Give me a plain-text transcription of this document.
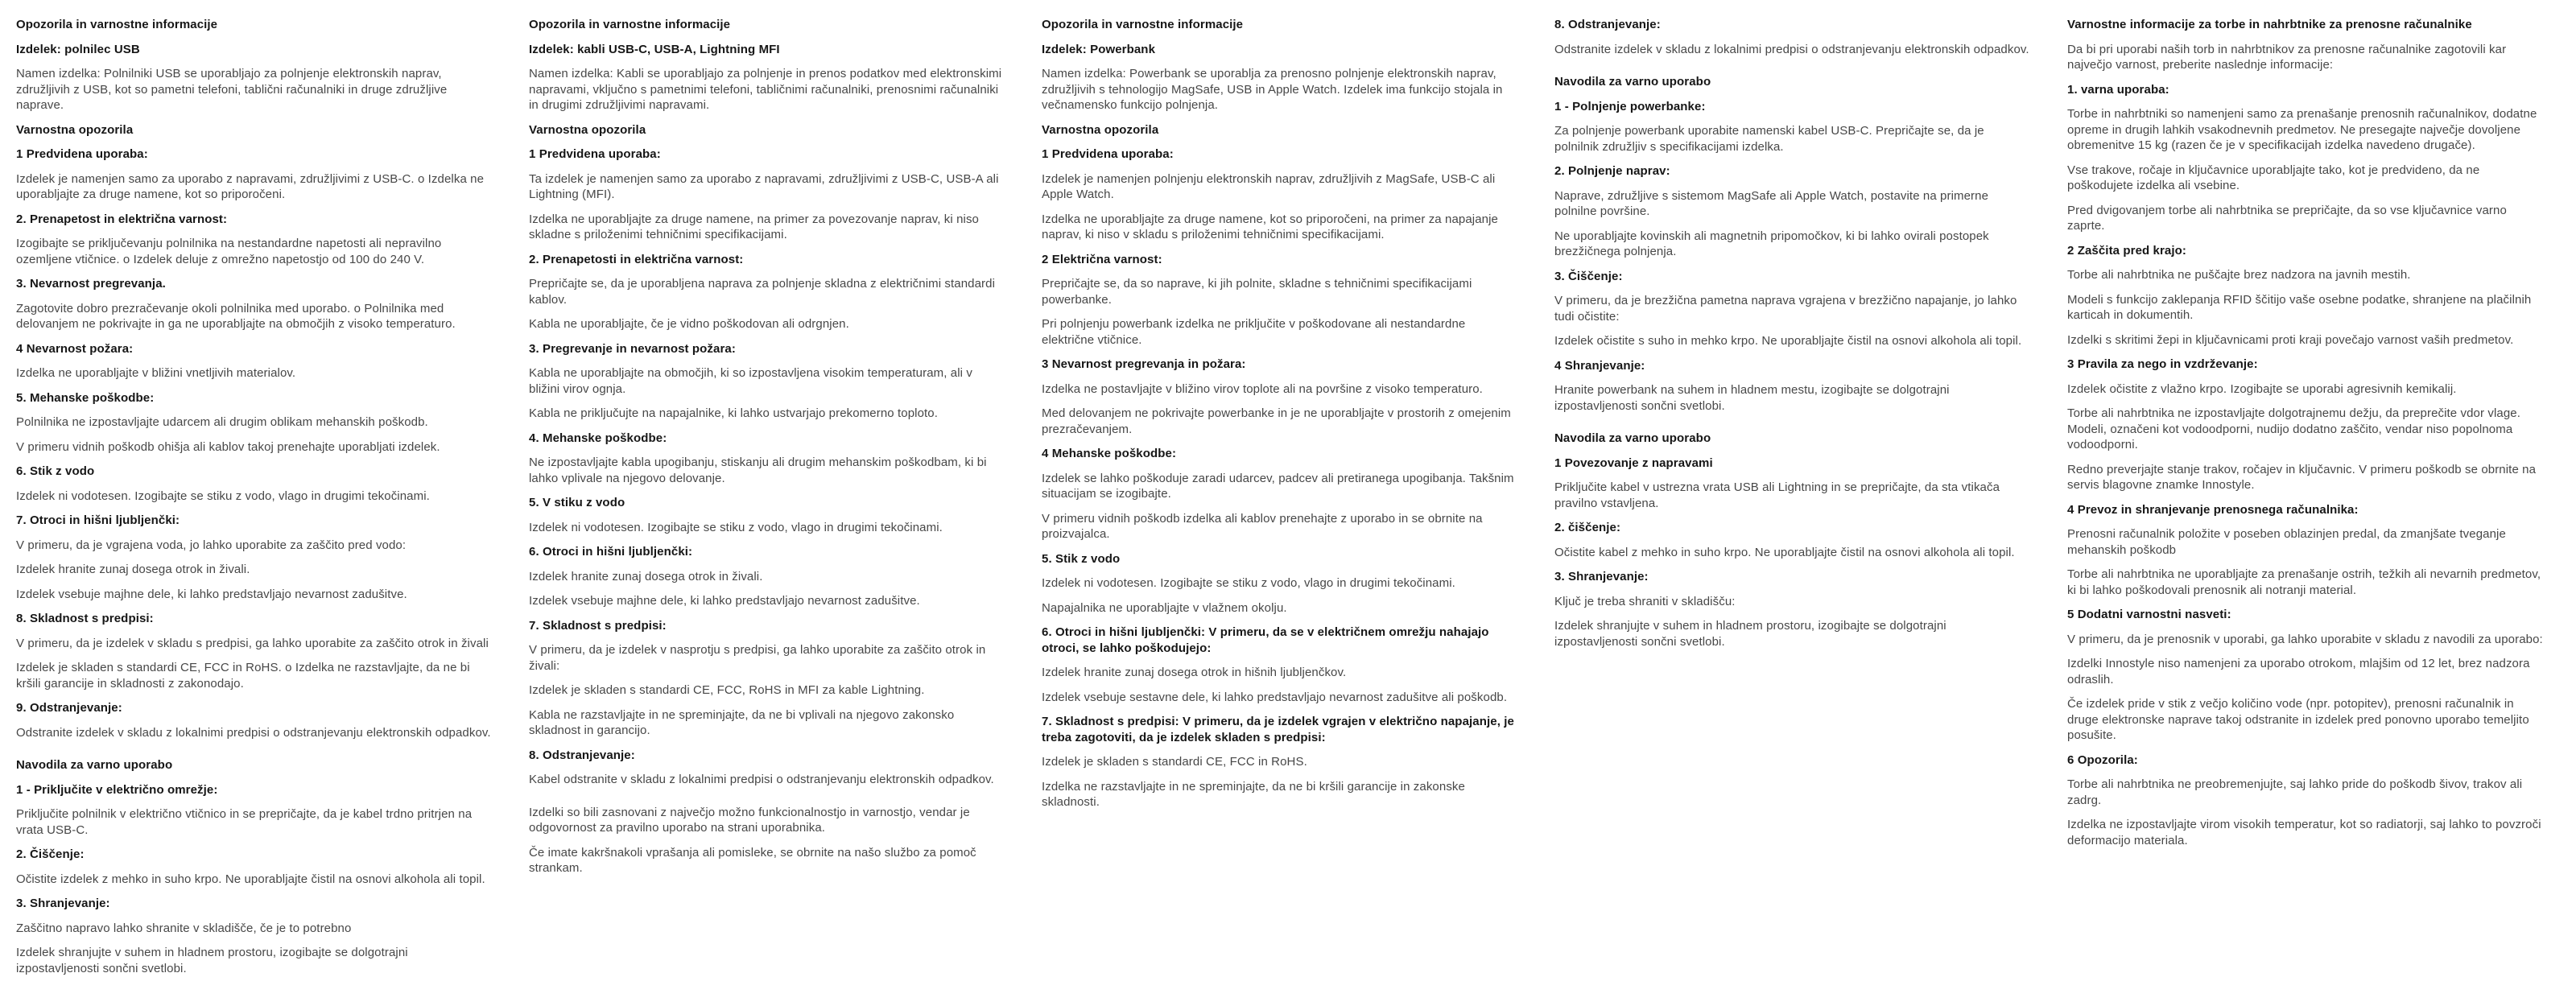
Opozorila in varnostne informacije
Izdelek: polnilec USB

Namen izdelka: Polnilniki USB se uporabljajo za polnjenje elektronskih naprav, združljivih z USB, kot so pametni telefoni, tablični računalniki in druge združljive naprave.

Varnostna opozorila
1 Predvidena uporaba:

Izdelek je namenjen samo za uporabo z napravami, združljivimi z USB-C. o Izdelka ne uporabljajte za druge namene, kot so priporočeni.

2. Prenapetost in električna varnost:

Izogibajte se priključevanju polnilnika na nestandardne napetosti ali nepravilno ozemljene vtičnice. o Izdelek deluje z omrežno napetostjo od 100 do 240 V.

3. Nevarnost pregrevanja.

Zagotovite dobro prezračevanje okoli polnilnika med uporabo. o Polnilnika med delovanjem ne pokrivajte in ga ne uporabljajte na območjih z visoko temperaturo.

4 Nevarnost požara:

Izdelka ne uporabljajte v bližini vnetljivih materialov.

5. Mehanske poškodbe:

Polnilnika ne izpostavljajte udarcem ali drugim oblikam mehanskih poškodb.

V primeru vidnih poškodb ohišja ali kablov takoj prenehajte uporabljati izdelek.

6. Stik z vodo

Izdelek ni vodotesen. Izogibajte se stiku z vodo, vlago in drugimi tekočinami.

7. Otroci in hišni ljubljenčki:

V primeru, da je vgrajena voda, jo lahko uporabite za zaščito pred vodo:

Izdelek hranite zunaj dosega otrok in živali.

Izdelek vsebuje majhne dele, ki lahko predstavljajo nevarnost zadušitve.

8. Skladnost s predpisi:

V primeru, da je izdelek v skladu s predpisi, ga lahko uporabite za zaščito otrok in živali

Izdelek je skladen s standardi CE, FCC in RoHS. o Izdelka ne razstavljajte, da ne bi kršili garancije in skladnosti z zakonodajo.

9. Odstranjevanje:

Odstranite izdelek v skladu z lokalnimi predpisi o odstranjevanju elektronskih odpadkov.

Navodila za varno uporabo
1 - Priključite v električno omrežje:

Priključite polnilnik v električno vtičnico in se prepričajte, da je kabel trdno pritrjen na vrata USB-C.

2. Čiščenje:

Očistite izdelek z mehko in suho krpo. Ne uporabljajte čistil na osnovi alkohola ali topil.

3. Shranjevanje:

Zaščitno napravo lahko shranite v skladišče, če je to potrebno

Izdelek shranjujte v suhem in hladnem prostoru, izogibajte se dolgotrajni izpostavljenosti sončni svetlobi.

Opozorila in varnostne informacije
Izdelek: kabli USB-C, USB-A, Lightning MFI

Namen izdelka: Kabli se uporabljajo za polnjenje in prenos podatkov med elektronskimi napravami, vključno s pametnimi telefoni, tabličnimi računalniki, prenosnimi računalniki in drugimi združljivimi napravami.

Varnostna opozorila
1 Predvidena uporaba:

Ta izdelek je namenjen samo za uporabo z napravami, združljivimi z USB-C, USB-A ali Lightning (MFI).

Izdelka ne uporabljajte za druge namene, na primer za povezovanje naprav, ki niso skladne s priloženimi tehničnimi specifikacijami.

2. Prenapetosti in električna varnost:

Prepričajte se, da je uporabljena naprava za polnjenje skladna z električnimi standardi kablov.

Kabla ne uporabljajte, če je vidno poškodovan ali odrgnjen.

3. Pregrevanje in nevarnost požara:

Kabla ne uporabljajte na območjih, ki so izpostavljena visokim temperaturam, ali v bližini virov ognja.

Kabla ne priključujte na napajalnike, ki lahko ustvarjajo prekomerno toploto.

4. Mehanske poškodbe:

Ne izpostavljajte kabla upogibanju, stiskanju ali drugim mehanskim poškodbam, ki bi lahko vplivale na njegovo delovanje.

5. V stiku z vodo

Izdelek ni vodotesen. Izogibajte se stiku z vodo, vlago in drugimi tekočinami.

6. Otroci in hišni ljubljenčki:

Izdelek hranite zunaj dosega otrok in živali.

Izdelek vsebuje majhne dele, ki lahko predstavljajo nevarnost zadušitve.

7. Skladnost s predpisi:

V primeru, da je izdelek v nasprotju s predpisi, ga lahko uporabite za zaščito otrok in živali:

Izdelek je skladen s standardi CE, FCC, RoHS in MFI za kable Lightning.

Kabla ne razstavljajte in ne spreminjajte, da ne bi vplivali na njegovo zakonsko skladnost in garancijo.

8. Odstranjevanje:

Kabel odstranite v skladu z lokalnimi predpisi o odstranjevanju elektronskih odpadkov.

Izdelki so bili zasnovani z največjo možno funkcionalnostjo in varnostjo, vendar je odgovornost za pravilno uporabo na strani uporabnika.

Če imate kakršnakoli vprašanja ali pomisleke, se obrnite na našo službo za pomoč strankam.

Opozorila in varnostne informacije
Izdelek: Powerbank

Namen izdelka: Powerbank se uporablja za prenosno polnjenje elektronskih naprav, združljivih s tehnologijo MagSafe, USB in Apple Watch. Izdelek ima funkcijo stojala in večnamensko funkcijo polnjenja.

Varnostna opozorila
1 Predvidena uporaba:

Izdelek je namenjen polnjenju elektronskih naprav, združljivih z MagSafe, USB-C ali Apple Watch.

Izdelka ne uporabljajte za druge namene, kot so priporočeni, na primer za napajanje naprav, ki niso v skladu s priloženimi tehničnimi specifikacijami.

2 Električna varnost:

Prepričajte se, da so naprave, ki jih polnite, skladne s tehničnimi specifikacijami powerbanke.

Pri polnjenju powerbank izdelka ne priključite v poškodovane ali nestandardne električne vtičnice.

3 Nevarnost pregrevanja in požara:

Izdelka ne postavljajte v bližino virov toplote ali na površine z visoko temperaturo.

Med delovanjem ne pokrivajte powerbanke in je ne uporabljajte v prostorih z omejenim prezračevanjem.

4 Mehanske poškodbe:

Izdelek se lahko poškoduje zaradi udarcev, padcev ali pretiranega upogibanja. Takšnim situacijam se izogibajte.

V primeru vidnih poškodb izdelka ali kablov prenehajte z uporabo in se obrnite na proizvajalca.

5. Stik z vodo

Izdelek ni vodotesen. Izogibajte se stiku z vodo, vlago in drugimi tekočinami.

Napajalnika ne uporabljajte v vlažnem okolju.

6. Otroci in hišni ljubljenčki: V primeru, da se v električnem omrežju nahajajo otroci, se lahko poškodujejo:

Izdelek hranite zunaj dosega otrok in hišnih ljubljenčkov.

Izdelek vsebuje sestavne dele, ki lahko predstavljajo nevarnost zadušitve ali poškodb.

7. Skladnost s predpisi: V primeru, da je izdelek vgrajen v električno napajanje, je treba zagotoviti, da je izdelek skladen s predpisi:

Izdelek je skladen s standardi CE, FCC in RoHS.

Izdelka ne razstavljajte in ne spreminjajte, da ne bi kršili garancije in zakonske skladnosti.

8. Odstranjevanje:

Odstranite izdelek v skladu z lokalnimi predpisi o odstranjevanju elektronskih odpadkov.

Navodila za varno uporabo
1 - Polnjenje powerbanke:

Za polnjenje powerbank uporabite namenski kabel USB-C. Prepričajte se, da je polnilnik združljiv s specifikacijami izdelka.

2. Polnjenje naprav:

Naprave, združljive s sistemom MagSafe ali Apple Watch, postavite na primerne polnilne površine.

Ne uporabljajte kovinskih ali magnetnih pripomočkov, ki bi lahko ovirali postopek brezžičnega polnjenja.

3. Čiščenje:

V primeru, da je brezžična pametna naprava vgrajena v brezžično napajanje, jo lahko tudi očistite:

Izdelek očistite s suho in mehko krpo. Ne uporabljajte čistil na osnovi alkohola ali topil.

4 Shranjevanje:

Hranite powerbank na suhem in hladnem mestu, izogibajte se dolgotrajni izpostavljenosti sončni svetlobi.

Navodila za varno uporabo
1 Povezovanje z napravami

Priključite kabel v ustrezna vrata USB ali Lightning in se prepričajte, da sta vtikača pravilno vstavljena.

2. čiščenje:

Očistite kabel z mehko in suho krpo. Ne uporabljajte čistil na osnovi alkohola ali topil.

3. Shranjevanje:

Ključ je treba shraniti v skladišču:

Izdelek shranjujte v suhem in hladnem prostoru, izogibajte se dolgotrajni izpostavljenosti sončni svetlobi.

Varnostne informacije za torbe in nahrbtnike za prenosne računalnike

Da bi pri uporabi naših torb in nahrbtnikov za prenosne računalnike zagotovili kar največjo varnost, preberite naslednje informacije:

1. varna uporaba:

Torbe in nahrbtniki so namenjeni samo za prenašanje prenosnih računalnikov, dodatne opreme in drugih lahkih vsakodnevnih predmetov. Ne presegajte največje dovoljene obremenitve 15 kg (razen če je v specifikacijah izdelka navedeno drugače).

Vse trakove, ročaje in ključavnice uporabljajte tako, kot je predvideno, da ne poškodujete izdelka ali vsebine.

Pred dvigovanjem torbe ali nahrbtnika se prepričajte, da so vse ključavnice varno zaprte.

2 Zaščita pred krajo:

Torbe ali nahrbtnika ne puščajte brez nadzora na javnih mestih.

Modeli s funkcijo zaklepanja RFID ščitijo vaše osebne podatke, shranjene na plačilnih karticah in dokumentih.

Izdelki s skritimi žepi in ključavnicami proti kraji povečajo varnost vaših predmetov.

3 Pravila za nego in vzdrževanje:

Izdelek očistite z vlažno krpo. Izogibajte se uporabi agresivnih kemikalij.

Torbe ali nahrbtnika ne izpostavljajte dolgotrajnemu dežju, da preprečite vdor vlage. Modeli, označeni kot vodoodporni, nudijo dodatno zaščito, vendar niso popolnoma vodoodporni.

Redno preverjajte stanje trakov, ročajev in ključavnic. V primeru poškodb se obrnite na servis blagovne znamke Innostyle.

4 Prevoz in shranjevanje prenosnega računalnika:

Prenosni računalnik položite v poseben oblazinjen predal, da zmanjšate tveganje mehanskih poškodb

Torbe ali nahrbtnika ne uporabljajte za prenašanje ostrih, težkih ali nevarnih predmetov, ki bi lahko poškodovali prenosnik ali notranji material.

5 Dodatni varnostni nasveti:

V primeru, da je prenosnik v uporabi, ga lahko uporabite v skladu z navodili za uporabo:

Izdelki Innostyle niso namenjeni za uporabo otrokom, mlajšim od 12 let, brez nadzora odraslih.

Če izdelek pride v stik z večjo količino vode (npr. potopitev), prenosni računalnik in druge elektronske naprave takoj odstranite in izdelek pred ponovno uporabo temeljito posušite.

6 Opozorila:

Torbe ali nahrbtnika ne preobremenjujte, saj lahko pride do poškodb šivov, trakov ali zadrg.

Izdelka ne izpostavljajte virom visokih temperatur, kot so radiatorji, saj lahko to povzroči deformacijo materiala.
